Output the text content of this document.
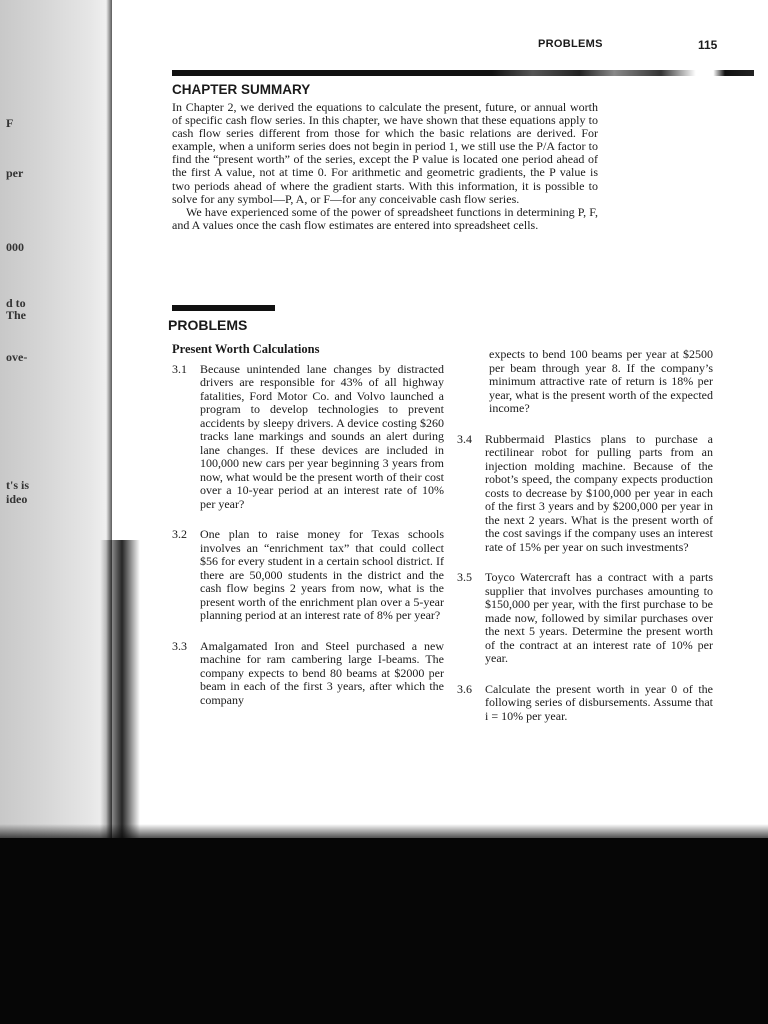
per
000
d to
The
ove-
t's is
ideo
F
PROBLEMS	115
CHAPTER SUMMARY

In Chapter 2, we derived the equations to calculate the present, future, or annual worth of specific cash flow series. In this chapter, we have shown that these equations apply to cash flow series different from those for which the basic relations are derived. For example, when a uniform series does not begin in period 1, we still use the P/A factor to find the “present worth” of the series, except the P value is located one period ahead of the first A value, not at time 0. For arithmetic and geometric gradients, the P value is two periods ahead of where the gradient starts. With this information, it is possible to solve for any symbol—P, A, or F—for any conceivable cash flow series.

We have experienced some of the power of spreadsheet functions in determining P, F, and A values once the cash flow estimates are entered into spreadsheet cells.

PROBLEMS
Present Worth Calculations
3.1	Because unintended lane changes by distracted drivers are responsible for 43% of all highway fatalities, Ford Motor Co. and Volvo launched a program to develop technologies to prevent accidents by sleepy drivers. A device costing $260 tracks lane markings and sounds an alert during lane changes. If these devices are included in 100,000 new cars per year beginning 3 years from now, what would be the present worth of their cost over a 10-year period at an interest rate of 10% per year?
3.2	One plan to raise money for Texas schools involves an “enrichment tax” that could collect $56 for every student in a certain school district. If there are 50,000 students in the district and the cash flow begins 2 years from now, what is the present worth of the enrichment plan over a 5-year planning period at an interest rate of 8% per year?
3.3	Amalgamated Iron and Steel purchased a new machine for ram cambering large I-beams. The company expects to bend 80 beams at $2000 per beam in each of the first 3 years, after which the company
expects to bend 100 beams per year at $2500 per beam through year 8. If the company’s minimum attractive rate of return is 18% per year, what is the present worth of the expected income?
3.4	Rubbermaid Plastics plans to purchase a rectilinear robot for pulling parts from an injection molding machine. Because of the robot’s speed, the company expects production costs to decrease by $100,000 per year in each of the first 3 years and by $200,000 per year in the next 2 years. What is the present worth of the cost savings if the company uses an interest rate of 15% per year on such investments?
3.5	Toyco Watercraft has a contract with a parts supplier that involves purchases amounting to $150,000 per year, with the first purchase to be made now, followed by similar purchases over the next 5 years. Determine the present worth of the contract at an interest rate of 10% per year.
3.6	Calculate the present worth in year 0 of the following series of disbursements. Assume that i = 10% per year.
